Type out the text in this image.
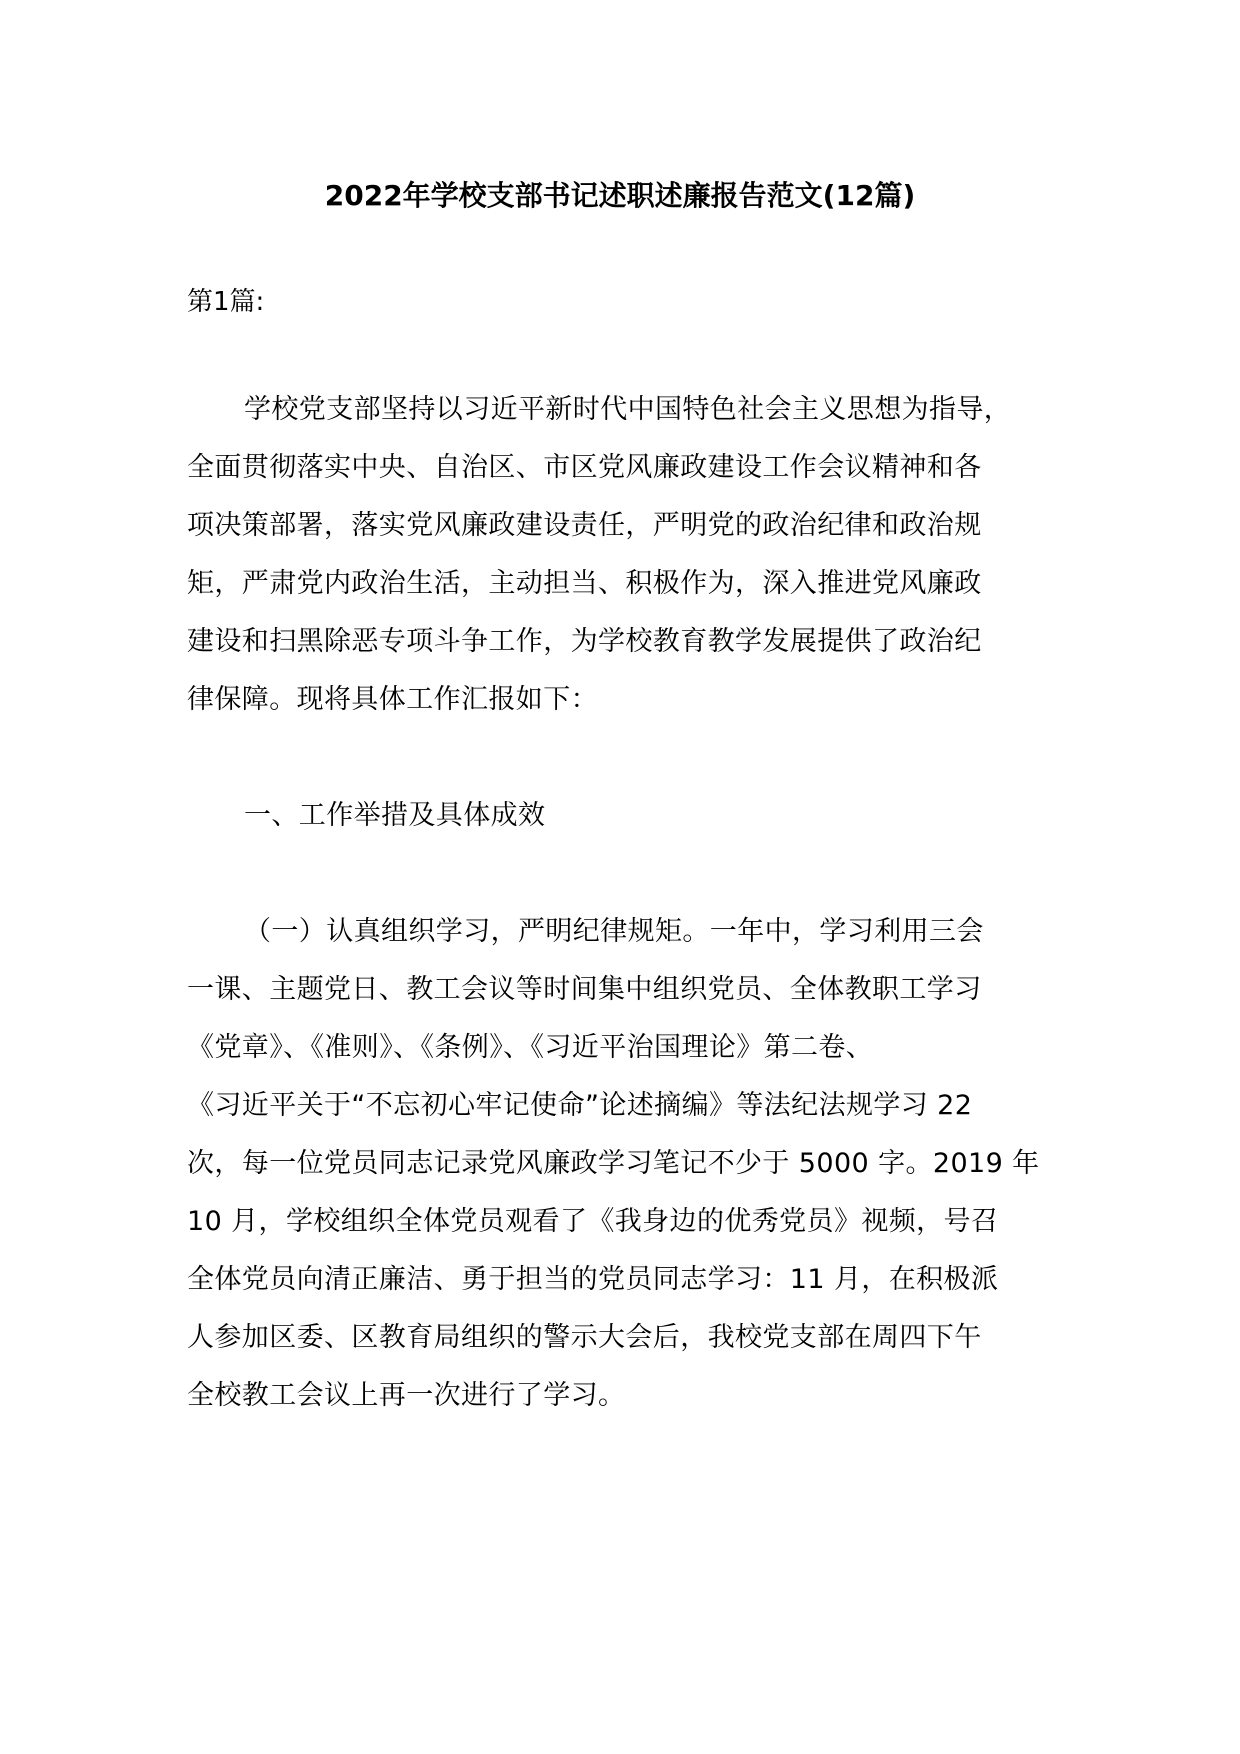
2022年学校支部书记述职述廉报告范文(12篇)
第1篇:
学校党支部坚持以习近平新时代中国特色社会主义思想为指导，
全面贯彻落实中央、自治区、市区党风廉政建设工作会议精神和各
项决策部署，落实党风廉政建设责任，严明党的政治纪律和政治规
矩，严肃党内政治生活，主动担当、积极作为，深入推进党风廉政
建设和扫黑除恶专项斗争工作，为学校教育教学发展提供了政治纪
律保障。现将具体工作汇报如下：
一、工作举措及具体成效
（一）认真组织学习，严明纪律规矩。一年中，学习利用三会
一课、主题党日、教工会议等时间集中组织党员、全体教职工学习
《党章》、《准则》、《条例》、《习近平治国理论》第二卷、
《习近平关于“不忘初心牢记使命”论述摘编》等法纪法规学习 22
次，每一位党员同志记录党风廉政学习笔记不少于 5000 字。2019 年
10 月，学校组织全体党员观看了《我身边的优秀党员》视频，号召
全体党员向清正廉洁、勇于担当的党员同志学习：11 月，在积极派
人参加区委、区教育局组织的警示大会后，我校党支部在周四下午
全校教工会议上再一次进行了学习。
